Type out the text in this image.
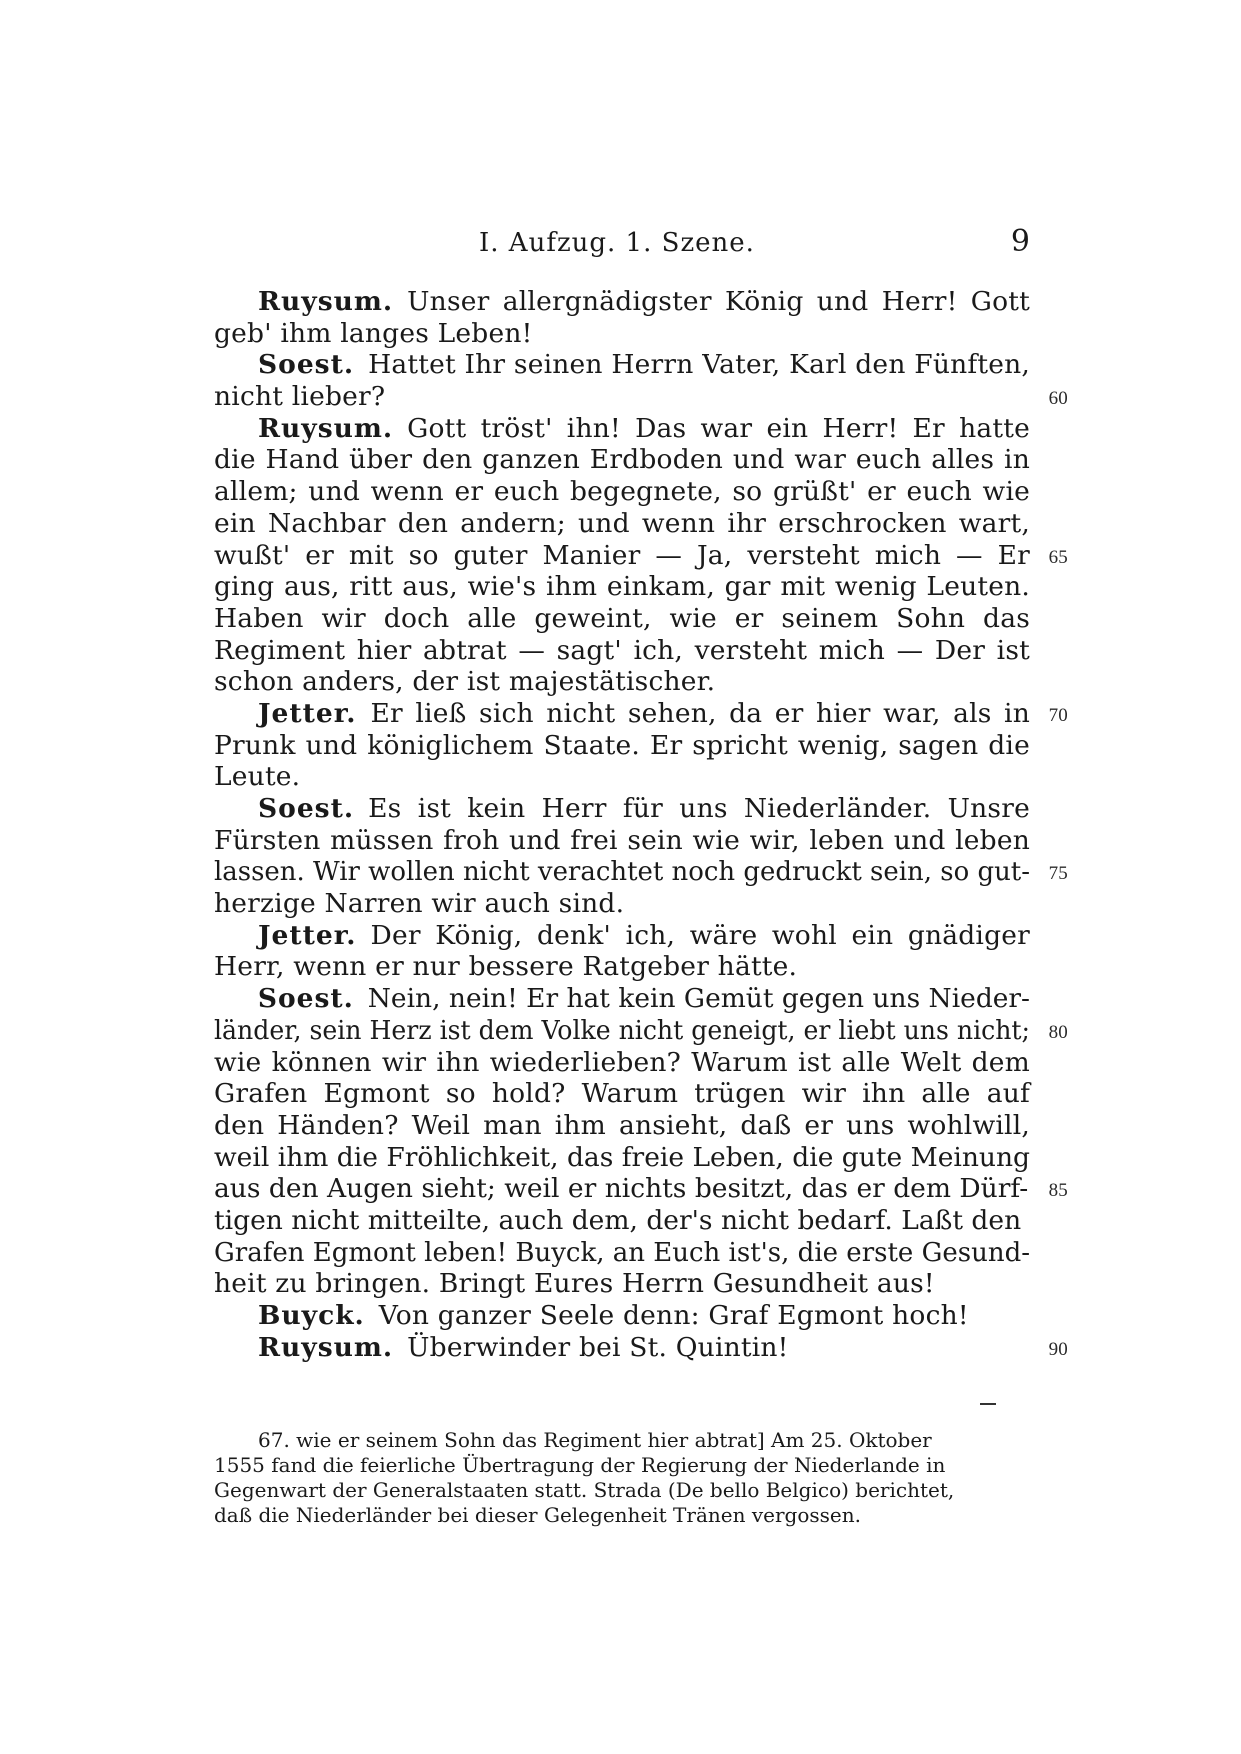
I. Aufzug. 1. Szene.	9
Ruysum. Unser allergnädigster König und Herr! Gott
geb' ihm langes Leben!
Soest. Hattet Ihr seinen Herrn Vater, Karl den Fünften,
nicht lieber?	60
Ruysum. Gott tröst' ihn! Das war ein Herr! Er hatte
die Hand über den ganzen Erdboden und war euch alles in
allem; und wenn er euch begegnete, so grüßt' er euch wie
ein Nachbar den andern; und wenn ihr erschrocken wart,
wußt' er mit so guter Manier — Ja, versteht mich — Er 65
ging aus, ritt aus, wie's ihm einkam, gar mit wenig Leuten.
Haben wir doch alle geweint, wie er seinem Sohn das
Regiment hier abtrat — sagt' ich, versteht mich — Der ist
schon anders, der ist majestätischer.
Jetter. Er ließ sich nicht sehen, da er hier war, als in 70
Prunk und königlichem Staate. Er spricht wenig, sagen die
Leute.
Soest. Es ist kein Herr für uns Niederländer. Unsre
Fürsten müssen froh und frei sein wie wir, leben und leben
lassen. Wir wollen nicht verachtet noch gedruckt sein, so gut- 75
herzige Narren wir auch sind.
Jetter. Der König, denk' ich, wäre wohl ein gnädiger
Herr, wenn er nur bessere Ratgeber hätte.
Soest. Nein, nein! Er hat kein Gemüt gegen uns Nieder-
länder, sein Herz ist dem Volke nicht geneigt, er liebt uns nicht; 80
wie können wir ihn wiederlieben? Warum ist alle Welt dem
Grafen Egmont so hold? Warum trügen wir ihn alle auf
den Händen? Weil man ihm ansieht, daß er uns wohlwill,
weil ihm die Fröhlichkeit, das freie Leben, die gute Meinung
aus den Augen sieht; weil er nichts besitzt, das er dem Dürf- 85
tigen nicht mitteilte, auch dem, der's nicht bedarf. Laßt den
Grafen Egmont leben! Buyck, an Euch ist's, die erste Gesund-
heit zu bringen. Bringt Eures Herrn Gesundheit aus!
Buyck. Von ganzer Seele denn: Graf Egmont hoch!
Ruysum. Überwinder bei St. Quintin!	90
67. wie er seinem Sohn das Regiment hier abtrat] Am 25. Oktober
1555 fand die feierliche Übertragung der Regierung der Niederlande in
Gegenwart der Generalstaaten statt. Strada (De bello Belgico) berichtet,
daß die Niederländer bei dieser Gelegenheit Tränen vergossen.
